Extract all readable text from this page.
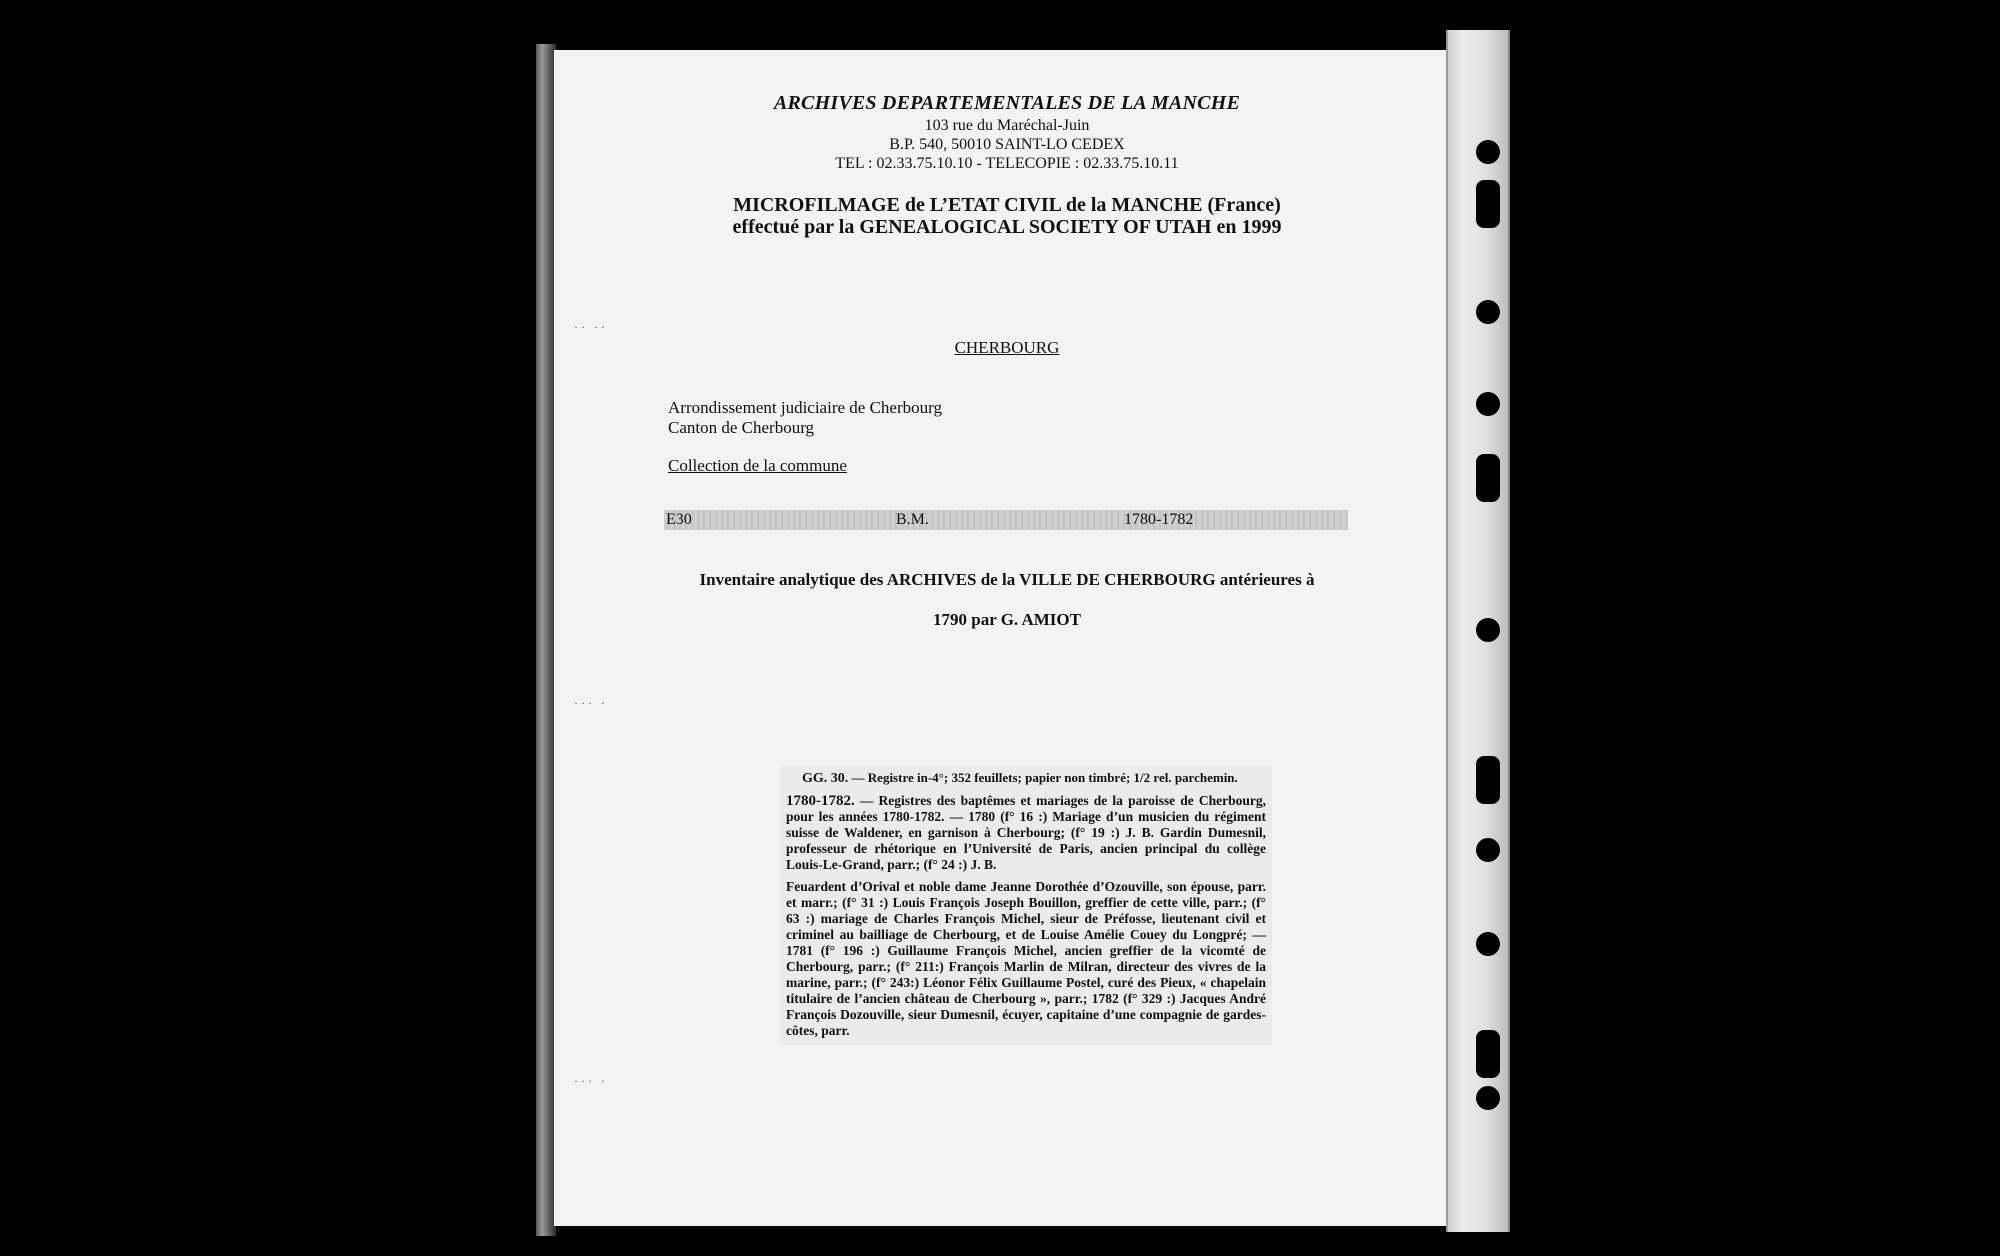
ARCHIVES DEPARTEMENTALES DE LA MANCHE
103 rue du Maréchal-Juin
B.P. 540, 50010 SAINT-LO CEDEX
TEL : 02.33.75.10.10 - TELECOPIE : 02.33.75.10.11
MICROFILMAGE de L’ETAT CIVIL de la MANCHE (France)
effectué par la GENEALOGICAL SOCIETY OF UTAH en 1999
·· ··
CHERBOURG
Arrondissement judiciaire de Cherbourg
Canton de Cherbourg
Collection de la commune
E30	B.M.	1780-1782
Inventaire analytique des ARCHIVES de la VILLE DE CHERBOURG antérieures à
1790 par G. AMIOT
··· ·
GG. 30. — Registre in-4°; 352 feuillets; papier non timbré; 1/2 rel. parchemin.

1780-1782. — Registres des baptêmes et mariages de la paroisse de Cherbourg, pour les années 1780-1782. — 1780 (f° 16 :) Mariage d’un musicien du régiment suisse de Waldener, en garnison à Cherbourg; (f° 19 :) J. B. Gardin Dumesnil, professeur de rhétorique en l’Université de Paris, ancien principal du collège Louis-Le-Grand, parr.; (f° 24 :) J. B.

Feuardent d’Orival et noble dame Jeanne Dorothée d’Ozouville, son épouse, parr. et marr.; (f° 31 :) Louis François Joseph Bouillon, greffier de cette ville, parr.; (f° 63 :) mariage de Charles François Michel, sieur de Préfosse, lieutenant civil et criminel au bailliage de Cherbourg, et de Louise Amélie Couey du Longpré; — 1781 (f° 196 :) Guillaume François Michel, ancien greffier de la vicomté de Cherbourg, parr.; (f° 211:) François Marlin de Milran, directeur des vivres de la marine, parr.; (f° 243:) Léonor Félix Guillaume Postel, curé des Pieux, « chapelain titulaire de l’ancien château de Cherbourg », parr.; 1782 (f° 329 :) Jacques André François Dozouville, sieur Dumesnil, écuyer, capitaine d’une compagnie de gardes-côtes, parr.

··· ·
